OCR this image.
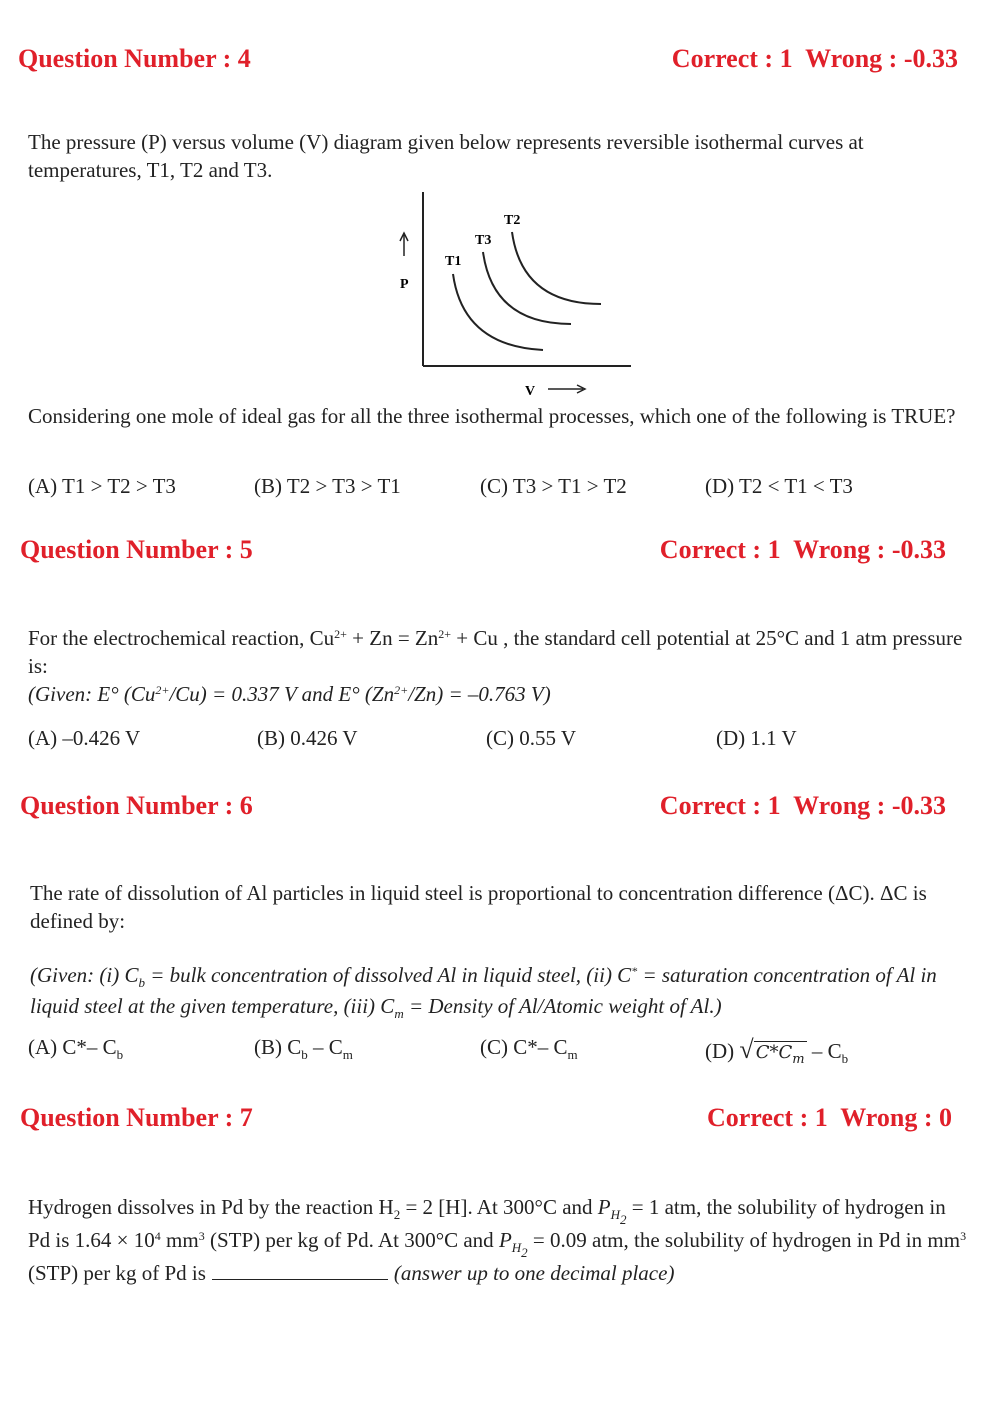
Question Number : 4	Correct : 1  Wrong : -0.33
The pressure (P) versus volume (V) diagram given below represents reversible isothermal curves at temperatures, T1, T2 and T3.
P
V
T1
T3
T2
Considering one mole of ideal gas for all the three isothermal processes, which one of the following is TRUE?
(A) T1 > T2 > T3	(B) T2 > T3 > T1	(C) T3 > T1 > T2	(D) T2 < T1 < T3
Question Number : 5	Correct : 1  Wrong : -0.33
For the electrochemical reaction, $Cu^{2+} + Zn = Zn^{2+} + Cu$ , the standard cell potential at 25°C and 1 atm pressure is:
(Given: E° $(Cu^{2+}/Cu) = 0.337$ V and E° $(Zn^{2+}/Zn) = -0.763$ V)
(A) –0.426 V	(B) 0.426 V	(C) 0.55 V	(D) 1.1 V
Question Number : 6	Correct : 1  Wrong : -0.33
The rate of dissolution of Al particles in liquid steel is proportional to concentration difference (ΔC). ΔC is defined by:
(Given: (i) $C_b$ = bulk concentration of dissolved Al in liquid steel, (ii) C* = saturation concentration of Al in liquid steel at the given temperature, (iii) $C_m$ = Density of Al/Atomic weight of Al.)
(A) C*– $C_b$	(B) $C_b - C_m$	(C) C*– $C_m$	(D) √ $C*C_m - C_b$
Question Number : 7	Correct : 1  Wrong : 0
Hydrogen dissolves in Pd by the reaction $H_2 = 2$ [H]. At 300°C and $P_{H_2} = 1$ atm, the solubility of hydrogen in Pd is $1.64 \times 10^4$ $mm^3$ (STP) per kg of Pd. At 300°C and $P_{H_2} = 0.09$ atm, the solubility of hydrogen in Pd in $mm^3$ (STP) per kg of Pd is	(answer up to one decimal place)
